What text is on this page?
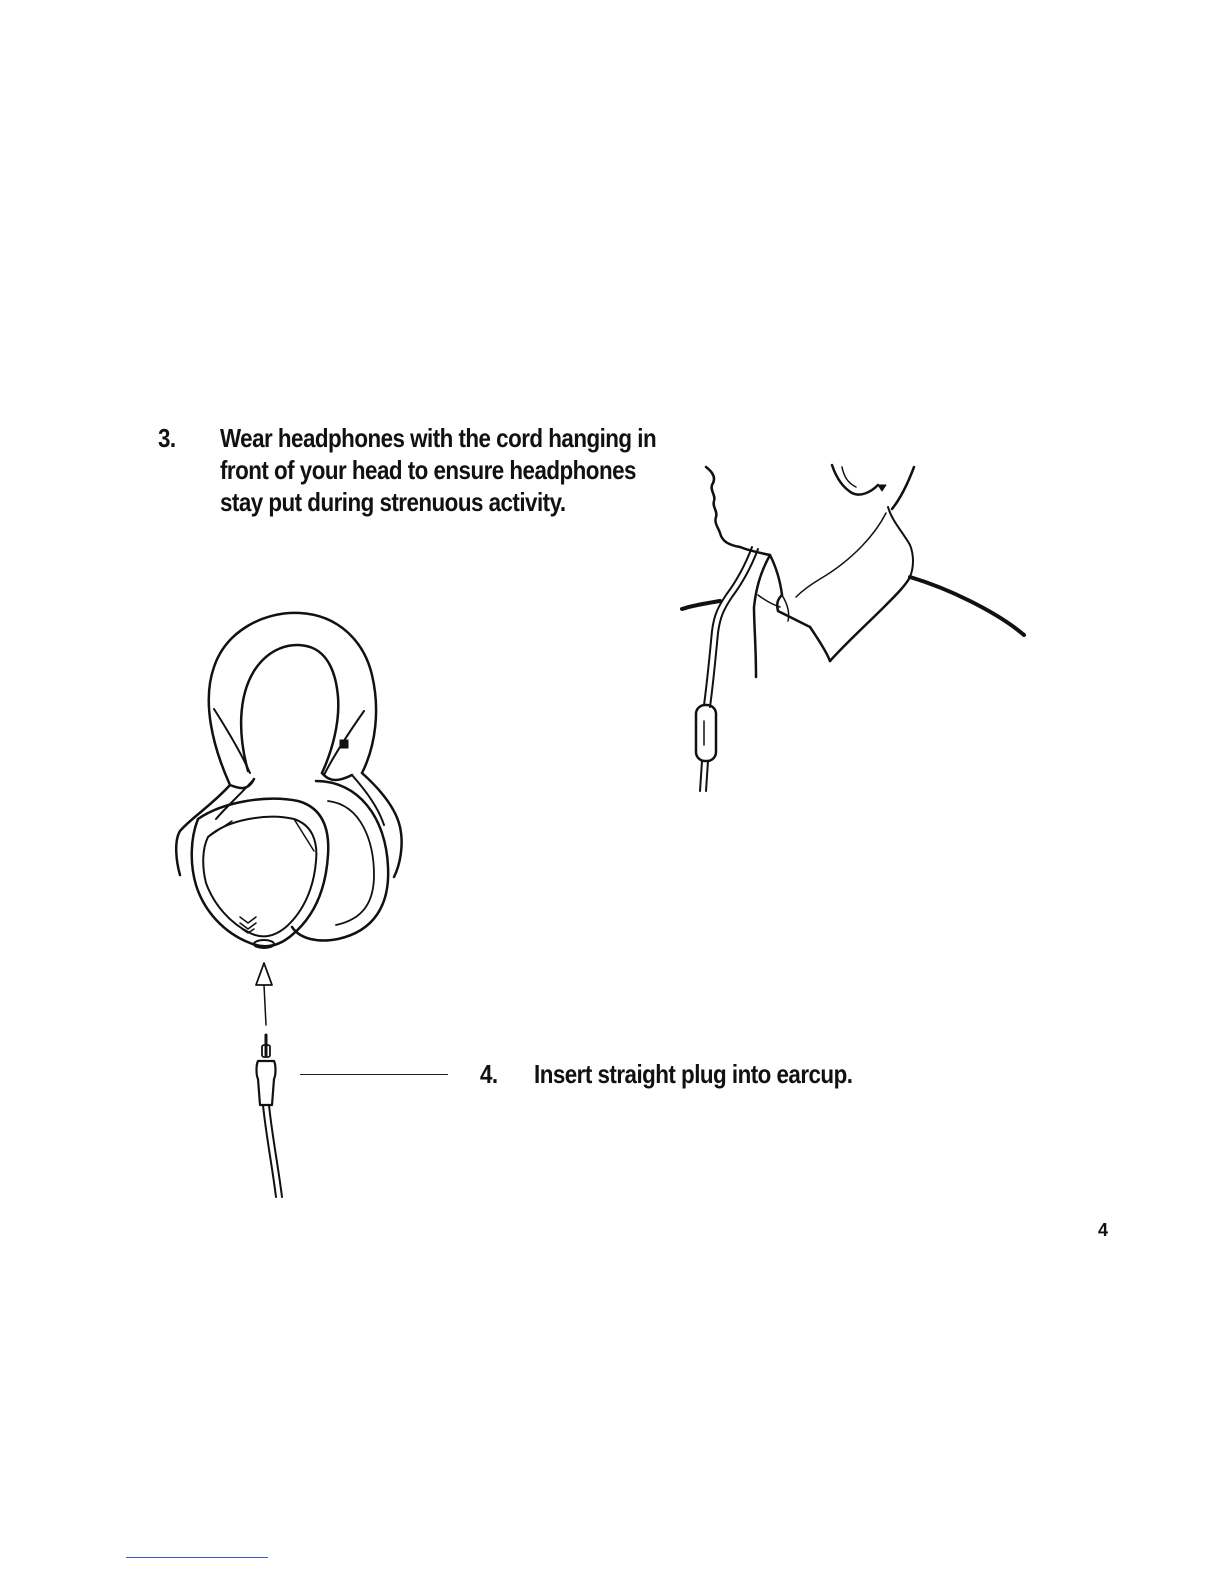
3. Wear headphones with the cord hanging in
front of your head to ensure headphones
stay put during strenuous activity.
4. Insert straight plug into earcup.
4
